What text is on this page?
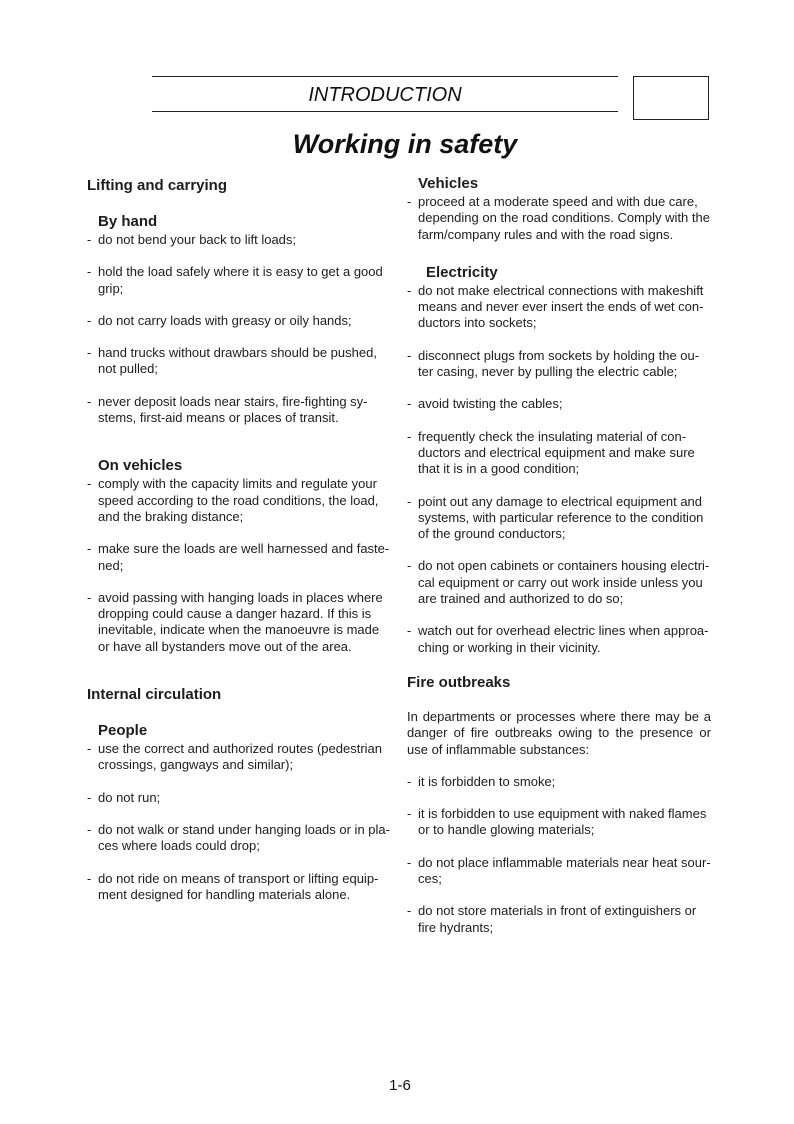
INTRODUCTION
Working in safety
Lifting and carrying
By hand
- do not bend your back to lift loads;
- hold the load safely where it is easy to get a good grip;
- do not carry loads with greasy or oily hands;
- hand trucks without drawbars should be pushed, not pulled;
- never deposit loads near stairs, fire-fighting sy-stems, first-aid means or places of transit.
On vehicles
- comply with the capacity limits and regulate your speed according to the road conditions, the load, and the braking distance;
- make sure the loads are well harnessed and faste-ned;
- avoid passing with hanging loads in places where dropping could cause a danger hazard. If this is inevitable, indicate when the manoeuvre is made or have all bystanders move out of the area.
Internal circulation
People
- use the correct and authorized routes (pedestrian crossings, gangways and similar);
- do not run;
- do not walk or stand under hanging loads or in pla-ces where loads could drop;
- do not ride on means of transport or lifting equip-ment designed for handling materials alone.
Vehicles
- proceed at a moderate speed and with due care, depending on the road conditions. Comply with the farm/company rules and with the road signs.
Electricity
- do not make electrical connections with makeshift means and never ever insert the ends of wet con-ductors into sockets;
- disconnect plugs from sockets by holding the ou-ter casing, never by pulling the electric cable;
- avoid twisting the cables;
- frequently check the insulating material of con-ductors and electrical equipment and make sure that it is in a good condition;
- point out any damage to electrical equipment and systems, with particular reference to the condition of the ground conductors;
- do not open cabinets or containers housing electri-cal equipment or carry out work inside unless you are trained and authorized to do so;
- watch out for overhead electric lines when approa-ching or working in their vicinity.
Fire outbreaks

In departments or processes where there may be a danger of fire outbreaks owing to the presence or use of inflammable substances:

- it is forbidden to smoke;
- it is forbidden to use equipment with naked flames or to handle glowing materials;
- do not place inflammable materials near heat sour-ces;
- do not store materials in front of extinguishers or fire hydrants;
1-6
